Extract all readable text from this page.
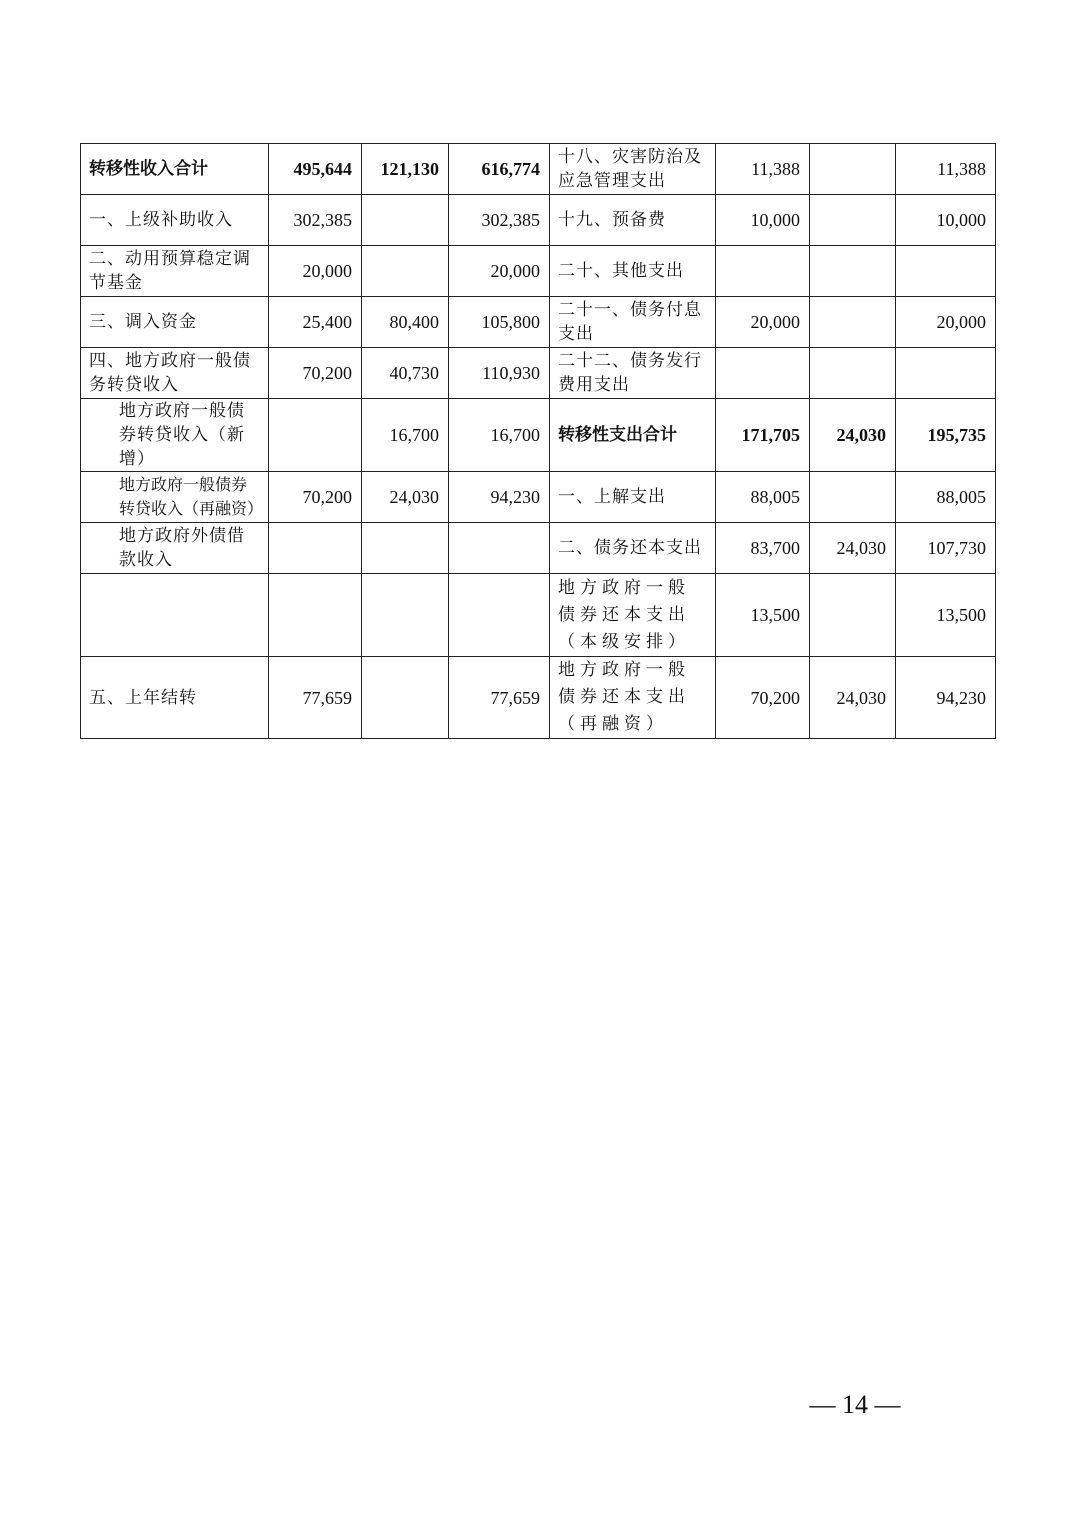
转移性收入合计	495,644	121,130	616,774	十八、灾害防治及应急管理支出	11,388		11,388
一、上级补助收入	302,385		302,385	十九、预备费	10,000		10,000
二、动用预算稳定调节基金	20,000		20,000	二十、其他支出			
三、调入资金	25,400	80,400	105,800	二十一、债务付息支出	20,000		20,000
四、地方政府一般债务转贷收入	70,200	40,730	110,930	二十二、债务发行费用支出			
地方政府一般债券转贷收入（新增）		16,700	16,700	转移性支出合计	171,705	24,030	195,735
地方政府一般债券转贷收入（再融资）	70,200	24,030	94,230	一、上解支出	88,005		88,005
地方政府外债借款收入				二、债务还本支出	83,700	24,030	107,730
				地方政府一般债券还本支出（本级安排）	13,500		13,500
五、上年结转	77,659		77,659	地方政府一般债券还本支出（再融资）	70,200	24,030	94,230
— 14 —
